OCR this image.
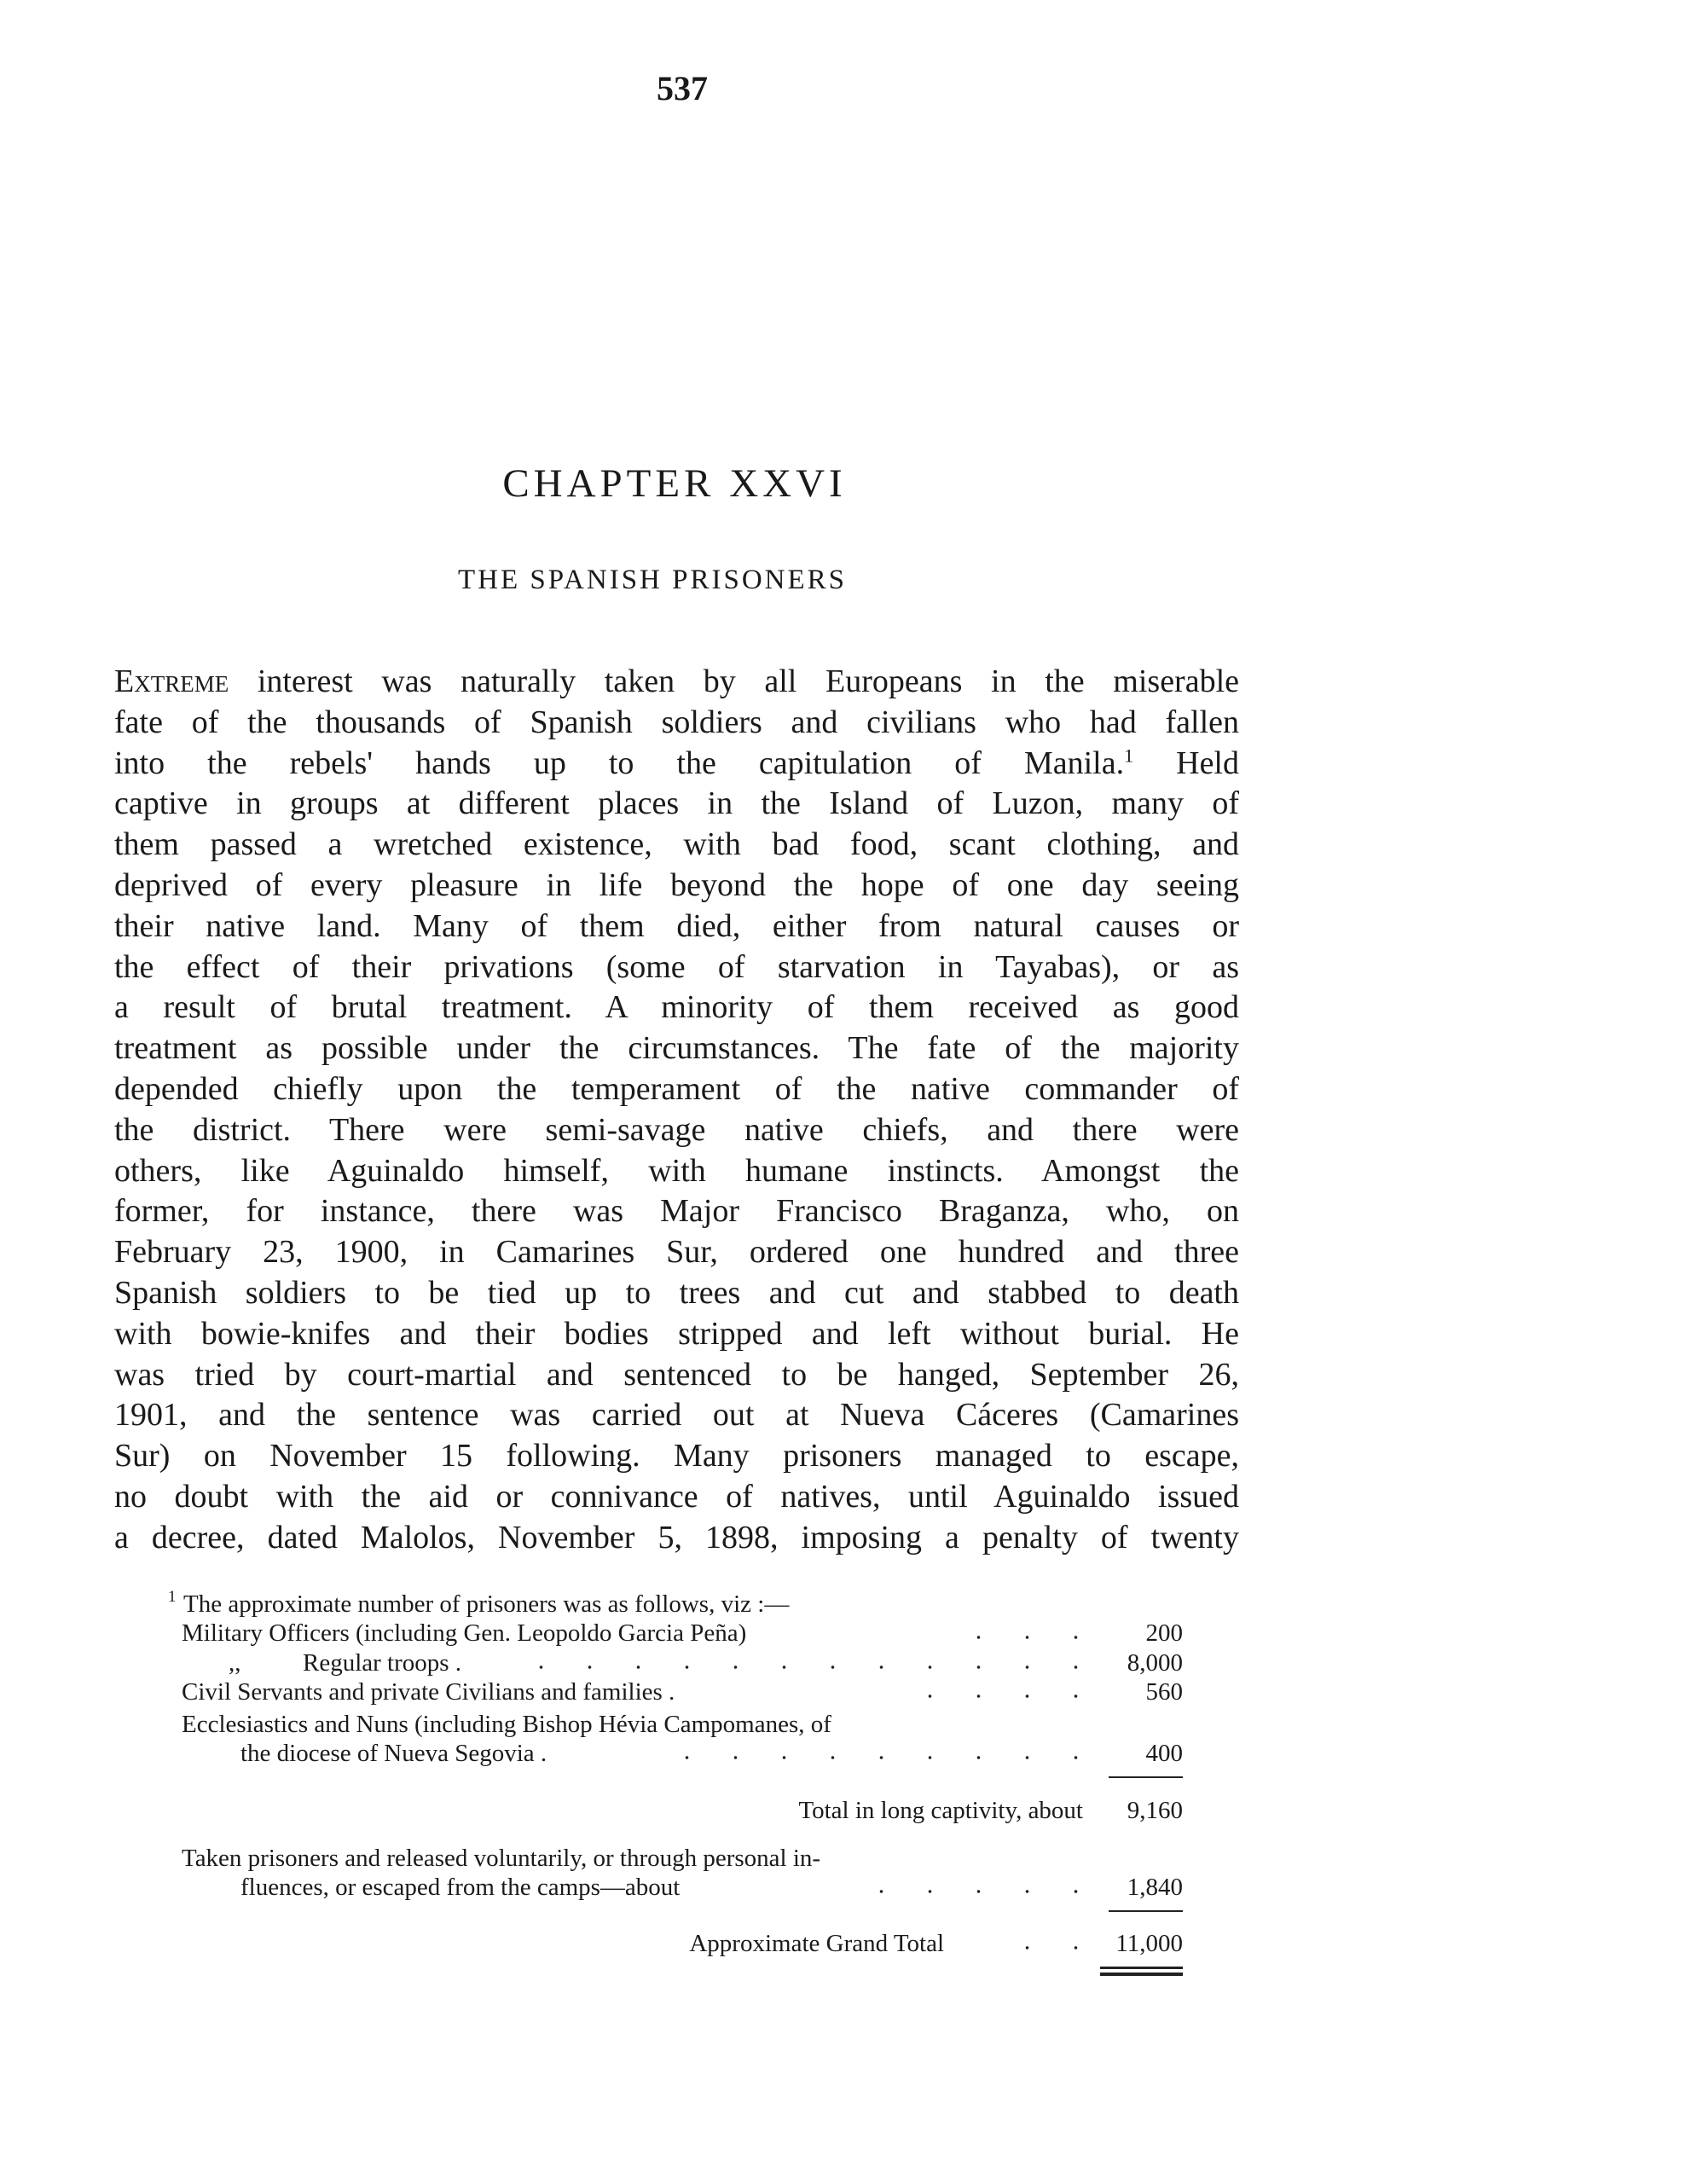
537
CHAPTER XXVI
THE SPANISH PRISONERS
Extreme interest was naturally taken by all Europeans in the miserable
fate of the thousands of Spanish soldiers and civilians who had fallen
into the rebels' hands up to the capitulation of Manila.$^1$ Held
captive in groups at different places in the Island of Luzon, many of
them passed a wretched existence, with bad food, scant clothing, and
deprived of every pleasure in life beyond the hope of one day seeing
their native land. Many of them died, either from natural causes or
the effect of their privations (some of starvation in Tayabas), or as
a result of brutal treatment. A minority of them received as good
treatment as possible under the circumstances. The fate of the majority
depended chiefly upon the temperament of the native commander of
the district. There were semi-savage native chiefs, and there were
others, like Aguinaldo himself, with humane instincts. Amongst the
former, for instance, there was Major Francisco Braganza, who, on
February 23, 1900, in Camarines Sur, ordered one hundred and three
Spanish soldiers to be tied up to trees and cut and stabbed to death
with bowie-knifes and their bodies stripped and left without burial. He
was tried by court-martial and sentenced to be hanged, September 26,
1901, and the sentence was carried out at Nueva Cáceres (Camarines
Sur) on November 15 following. Many prisoners managed to escape,
no doubt with the aid or connivance of natives, until Aguinaldo issued
a decree, dated Malolos, November 5, 1898, imposing a penalty of twenty
1 The approximate number of prisoners was as follows, viz :—
Military Officers (including Gen. Leopoldo Garcia Peña)	200
,,	Regular troops .	8,000
Civil Servants and private Civilians and families .	560
Ecclesiastics and Nuns (including Bishop Hévia Campomanes, of
the diocese of Nueva Segovia .	400
Total in long captivity, about 9,160
Taken prisoners and released voluntarily, or through personal in-
fluences, or escaped from the camps—about	1,840
Approximate Grand Total	11,000
